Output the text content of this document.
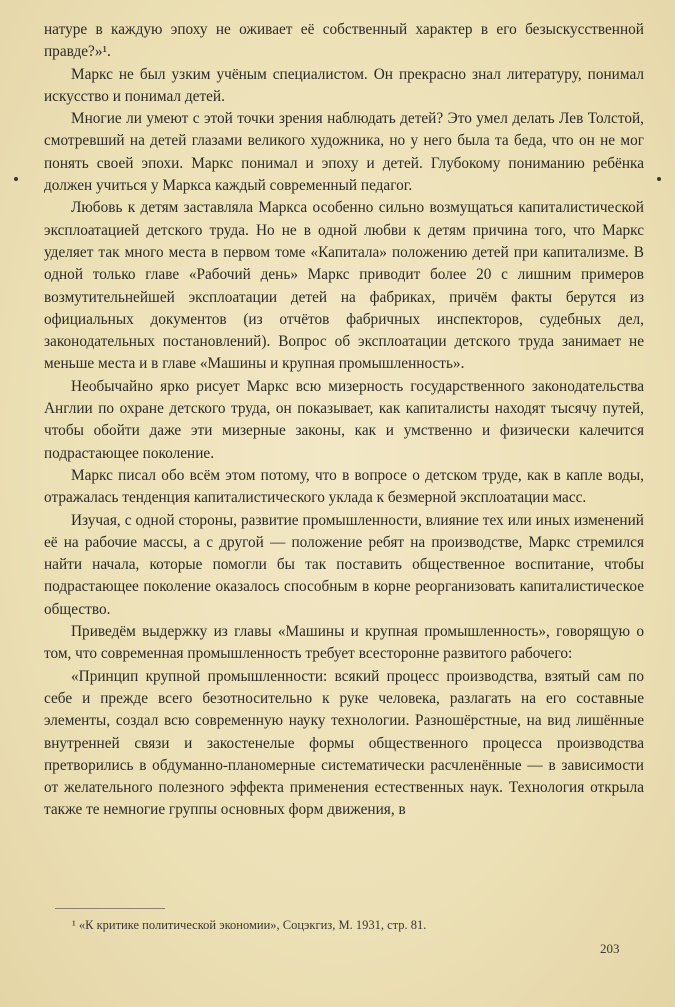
натуре в каждую эпоху не оживает её собственный характер в его безыскусственной правде?»¹.

Маркс не был узким учёным специалистом. Он прекрасно знал литературу, понимал искусство и понимал детей.

Многие ли умеют с этой точки зрения наблюдать детей? Это умел делать Лев Толстой, смотревший на детей глазами великого художника, но у него была та беда, что он не мог понять своей эпохи. Маркс понимал и эпоху и детей. Глубокому пониманию ребёнка должен учиться у Маркса каждый современный педагог.

Любовь к детям заставляла Маркса особенно сильно возмущаться капиталистической эксплоатацией детского труда. Но не в одной любви к детям причина того, что Маркс уделяет так много места в первом томе «Капитала» положению детей при капитализме. В одной только главе «Рабочий день» Маркс приводит более 20 с лишним примеров возмутительнейшей эксплоатации детей на фабриках, причём факты берутся из официальных документов (из отчётов фабричных инспекторов, судебных дел, законодательных постановлений). Вопрос об эксплоатации детского труда занимает не меньше места и в главе «Машины и крупная промышленность».

Необычайно ярко рисует Маркс всю мизерность государственного законодательства Англии по охране детского труда, он показывает, как капиталисты находят тысячу путей, чтобы обойти даже эти мизерные законы, как и умственно и физически калечится подрастающее поколение.

Маркс писал обо всём этом потому, что в вопросе о детском труде, как в капле воды, отражалась тенденция капиталистического уклада к безмерной эксплоатации масс.

Изучая, с одной стороны, развитие промышленности, влияние тех или иных изменений её на рабочие массы, а с другой — положение ребят на производстве, Маркс стремился найти начала, которые помогли бы так поставить общественное воспитание, чтобы подрастающее поколение оказалось способным в корне реорганизовать капиталистическое общество.

Приведём выдержку из главы «Машины и крупная промышленность», говорящую о том, что современная промышленность требует всесторонне развитого рабочего:

«Принцип крупной промышленности: всякий процесс производства, взятый сам по себе и прежде всего безотносительно к руке человека, разлагать на его составные элементы, создал всю современную науку технологии. Разношёрстные, на вид лишённые внутренней связи и закостенелые формы общественного процесса производства претворились в обдуманно-планомерные систематически расчленённые — в зависимости от желательного полезного эффекта применения естественных наук. Технология открыла также те немногие группы основных форм движения, в

¹ «К критике политической экономии», Соцэкгиз, М. 1931, стр. 81.
203
